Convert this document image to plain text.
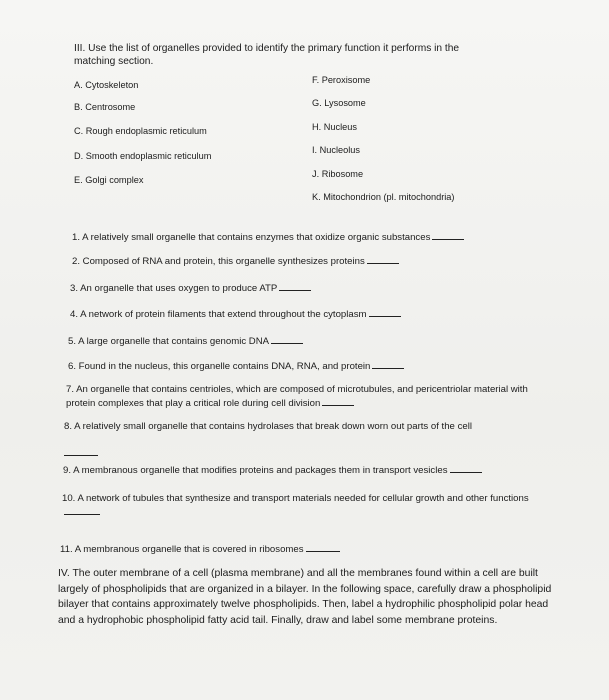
III. Use the list of organelles provided to identify the primary function it performs in the matching section.
A. Cytoskeleton
B. Centrosome
C. Rough endoplasmic reticulum
D. Smooth endoplasmic reticulum
E. Golgi complex
F. Peroxisome
G. Lysosome
H. Nucleus
I. Nucleolus
J. Ribosome
K. Mitochondrion (pl. mitochondria)
1. A relatively small organelle that contains enzymes that oxidize organic substances
2. Composed of RNA and protein, this organelle synthesizes proteins
3. An organelle that uses oxygen to produce ATP
4. A network of protein filaments that extend throughout the cytoplasm
5. A large organelle that contains genomic DNA
6. Found in the nucleus, this organelle contains DNA, RNA, and protein
7. An organelle that contains centrioles, which are composed of microtubules, and pericentriolar material with protein complexes that play a critical role during cell division
8. A relatively small organelle that contains hydrolases that break down worn out parts of the cell
9. A membranous organelle that modifies proteins and packages them in transport vesicles
10. A network of tubules that synthesize and transport materials needed for cellular growth and other functions
11. A membranous organelle that is covered in ribosomes
IV. The outer membrane of a cell (plasma membrane) and all the membranes found within a cell are built largely of phospholipids that are organized in a bilayer. In the following space, carefully draw a phospholipid bilayer that contains approximately twelve phospholipids. Then, label a hydrophilic phospholipid polar head and a hydrophobic phospholipid fatty acid tail. Finally, draw and label some membrane proteins.
